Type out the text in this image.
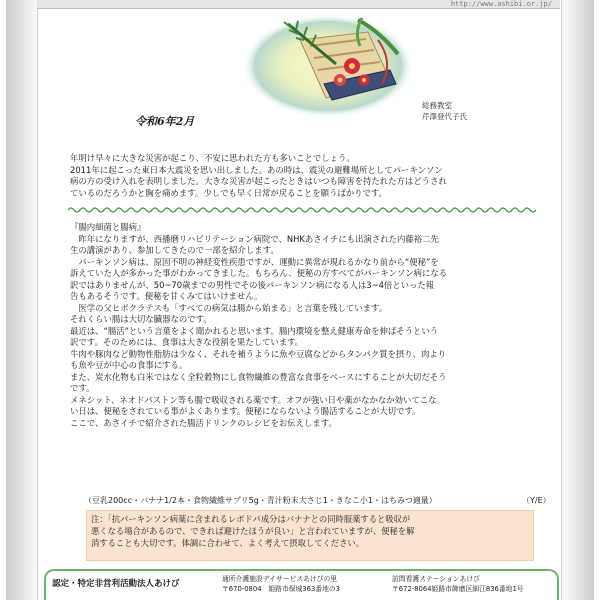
http://www.ashibi.or.jp/
令和6年2月
総務教室
芹澤登代子氏
年明け早々に大きな災害が起こり、不安に思われた方も多いことでしょう。
2011年に起こった東日本大震災を思い出しました。あの時は、震災の避難場所としてパーキンソン
病の方の受け入れを表明しました。大きな災害が起こったときはいつも障害を持たれた方はどうされ
ているのだろうかと胸を痛めます。少しでも早く日常が戻ることを願うばかりです。
『腸内細菌と腸病』
　昨年になりますが、西播磨リハビリテーション病院で、NHKあさイチにも出演された内藤裕二先
生の講演があり、参加してきたので一部を紹介します。
　パーキンソン病は、原因不明の神経変性疾患ですが、運動に異常が現れるかなり前から“便秘”を
訴えていた人が多かった事がわかってきました。もちろん、便秘の方すべてがパーキンソン病になる
訳ではありませんが、50~70歳までの男性でその後パーキンソン病になる人は3~4倍といった報
告もあるそうです。便秘を甘くみてはいけません。
　医学の父ヒポクラテスも「すべての病気は腸から始まる」と言葉を残しています。
それくらい腸は大切な臓器なのです。
最近は、“腸活”という言葉をよく聞かれると思います。腸内環境を整え健康寿命を伸ばそうという
訳です。そのためには、食事は大きな役割を果たしています。
牛肉や豚肉など動物性脂肪は少なく、それを補うように魚や豆腐などからタンパク質を摂り、肉より
も魚や豆が中心の食事にする。
また、炭水化物も白米ではなく全粒穀物にし食物繊維の豊富な食事をベースにすることが大切だそう
です。
メネシット、ネオドパストン等も腸で吸収される薬です。オフが強い日や薬がなかなか効いてこな
い日は、便秘をされている事がよくあります。便秘にならないよう腸活することが大切です。
ここで、あさイチで紹介された腸活ドリンクのレシピをお伝えします。
（豆乳200cc・バナナ1/2本・食物繊維サプリ5g・青汁粉末大さじ1・きなこ小1・はちみつ適量）	（Y/E）
注：「抗パーキンソン病薬に含まれるレボドパ成分はバナナとの同時服薬すると吸収が
悪くなる場合があるので、できれば避けたほうが良い」と言われていますが、便秘を解
消することも大切です。体調に合わせて、よく考えて摂取してください。
認定・特定非営利活動法人あけび	通所介護施設デイサービスあけびの里
〒670-0804　姫路市保城363番地の3
訪問看護ステーションあけび
〒672-8064姫路市飾磨区細江836番地1号
